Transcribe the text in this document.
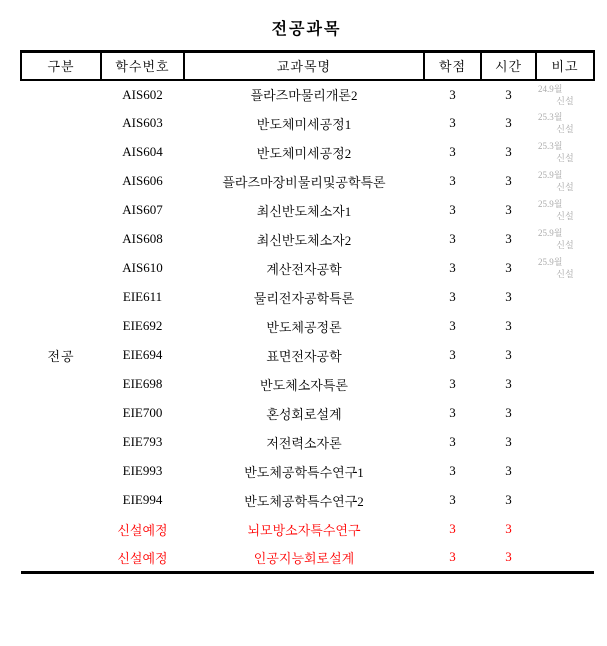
전공과목
구분	학수번호	교과목명	학점	시간	비고
전공	AIS602	플라즈마물리개론2	3	3	24.9월
신설

	AIS603	반도체미세공정1	3	3	25.3월
신설

	AIS604	반도체미세공정2	3	3	25.3월
신설

	AIS606	플라즈마장비물리및공학특론	3	3	25.9월
신설

	AIS607	최신반도체소자1	3	3	25.9월
신설

	AIS608	최신반도체소자2	3	3	25.9월
신설

	AIS610	계산전자공학	3	3	25.9월
신설

	EIE611	물리전자공학특론	3	3	

	EIE692	반도체공정론	3	3	

	EIE694	표면전자공학	3	3	

	EIE698	반도체소자특론	3	3	

	EIE700	혼성회로설계	3	3	

	EIE793	저전력소자론	3	3	

	EIE993	반도체공학특수연구1	3	3	

	EIE994	반도체공학특수연구2	3	3	

	신설예정	뇌모방소자특수연구	3	3	

	신설예정	인공지능회로설계	3	3	
